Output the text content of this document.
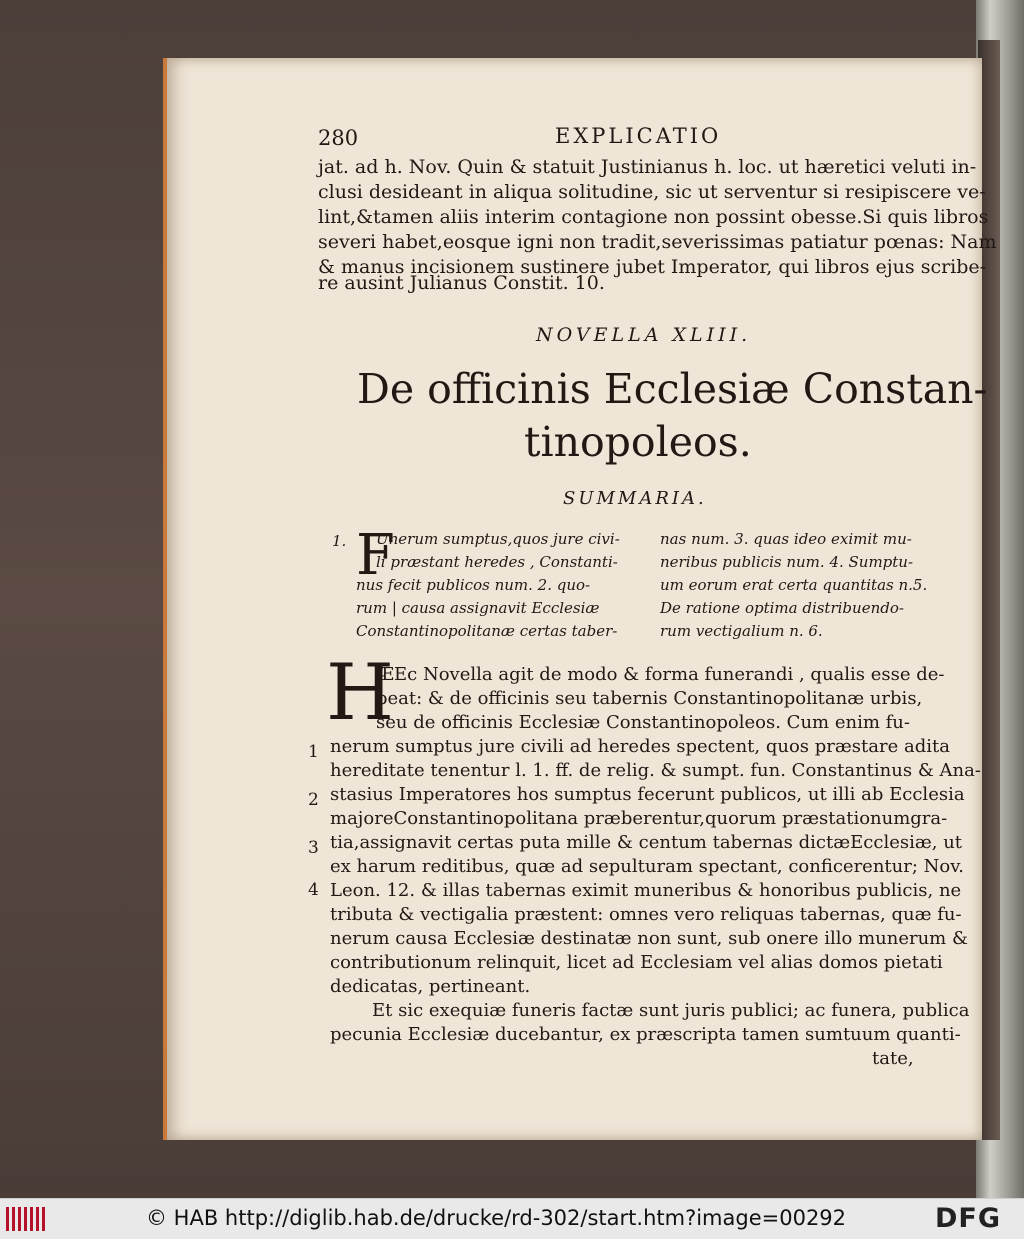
280	EXPLICATIO
jat. ad h. Nov. Quin & statuit Justinianus h. loc. ut hæretici veluti in-
clusi desideant in aliqua solitudine, sic ut serventur si resipiscere ve-
lint,&tamen aliis interim contagione non possint obesse.Si quis libros
severi habet,eosque igni non tradit,severissimas patiatur pœnas: Nam
& manus incisionem sustinere jubet Imperator, qui libros ejus scribe-
re ausint Julianus Constit. 10.
NOVELLA XLIII.
De officinis Ecclesiæ Constan-
tinopoleos.
SUMMARIA.
1. F
Unerum sumptus,quos jure civi-
li præstant heredes , Constanti-
nus fecit publicos num. 2. quo-
rum | causa assignavit Ecclesiæ
Constantinopolitanæ certas taber-
nas num. 3. quas ideo eximit mu-
neribus publicis num. 4. Sumptu-
um eorum erat certa quantitas n.5.
De ratione optima distribuendo-
rum vectigalium n. 6.
H
ÆEc Novella agit de modo & forma funerandi , qualis esse de-
beat: & de officinis seu tabernis Constantinopolitanæ urbis,
seu de officinis Ecclesiæ Constantinopoleos. Cum enim fu-
nerum sumptus jure civili ad heredes spectent, quos præstare adita
hereditate tenentur l. 1. ff. de relig. & sumpt. fun. Constantinus & Ana-
stasius Imperatores hos sumptus fecerunt publicos, ut illi ab Ecclesia
majoreConstantinopolitana præberentur,quorum præstationumgra-
tia,assignavit certas puta mille & centum tabernas dictæEcclesiæ, ut
ex harum reditibus, quæ ad sepulturam spectant, conficerentur; Nov.
Leon. 12. & illas tabernas eximit muneribus & honoribus publicis, ne
tributa & vectigalia præstent: omnes vero reliquas tabernas, quæ fu-
nerum causa Ecclesiæ destinatæ non sunt, sub onere illo munerum &
contributionum relinquit, licet ad Ecclesiam vel alias domos pietati
dedicatas, pertineant.
Et sic exequiæ funeris factæ sunt juris publici; ac funera, publica
pecunia Ecclesiæ ducebantur, ex præscripta tamen sumtuum quanti-
tate,
1
2
3
4
© HAB http://diglib.hab.de/drucke/rd-302/start.htm?image=00292	DFG
